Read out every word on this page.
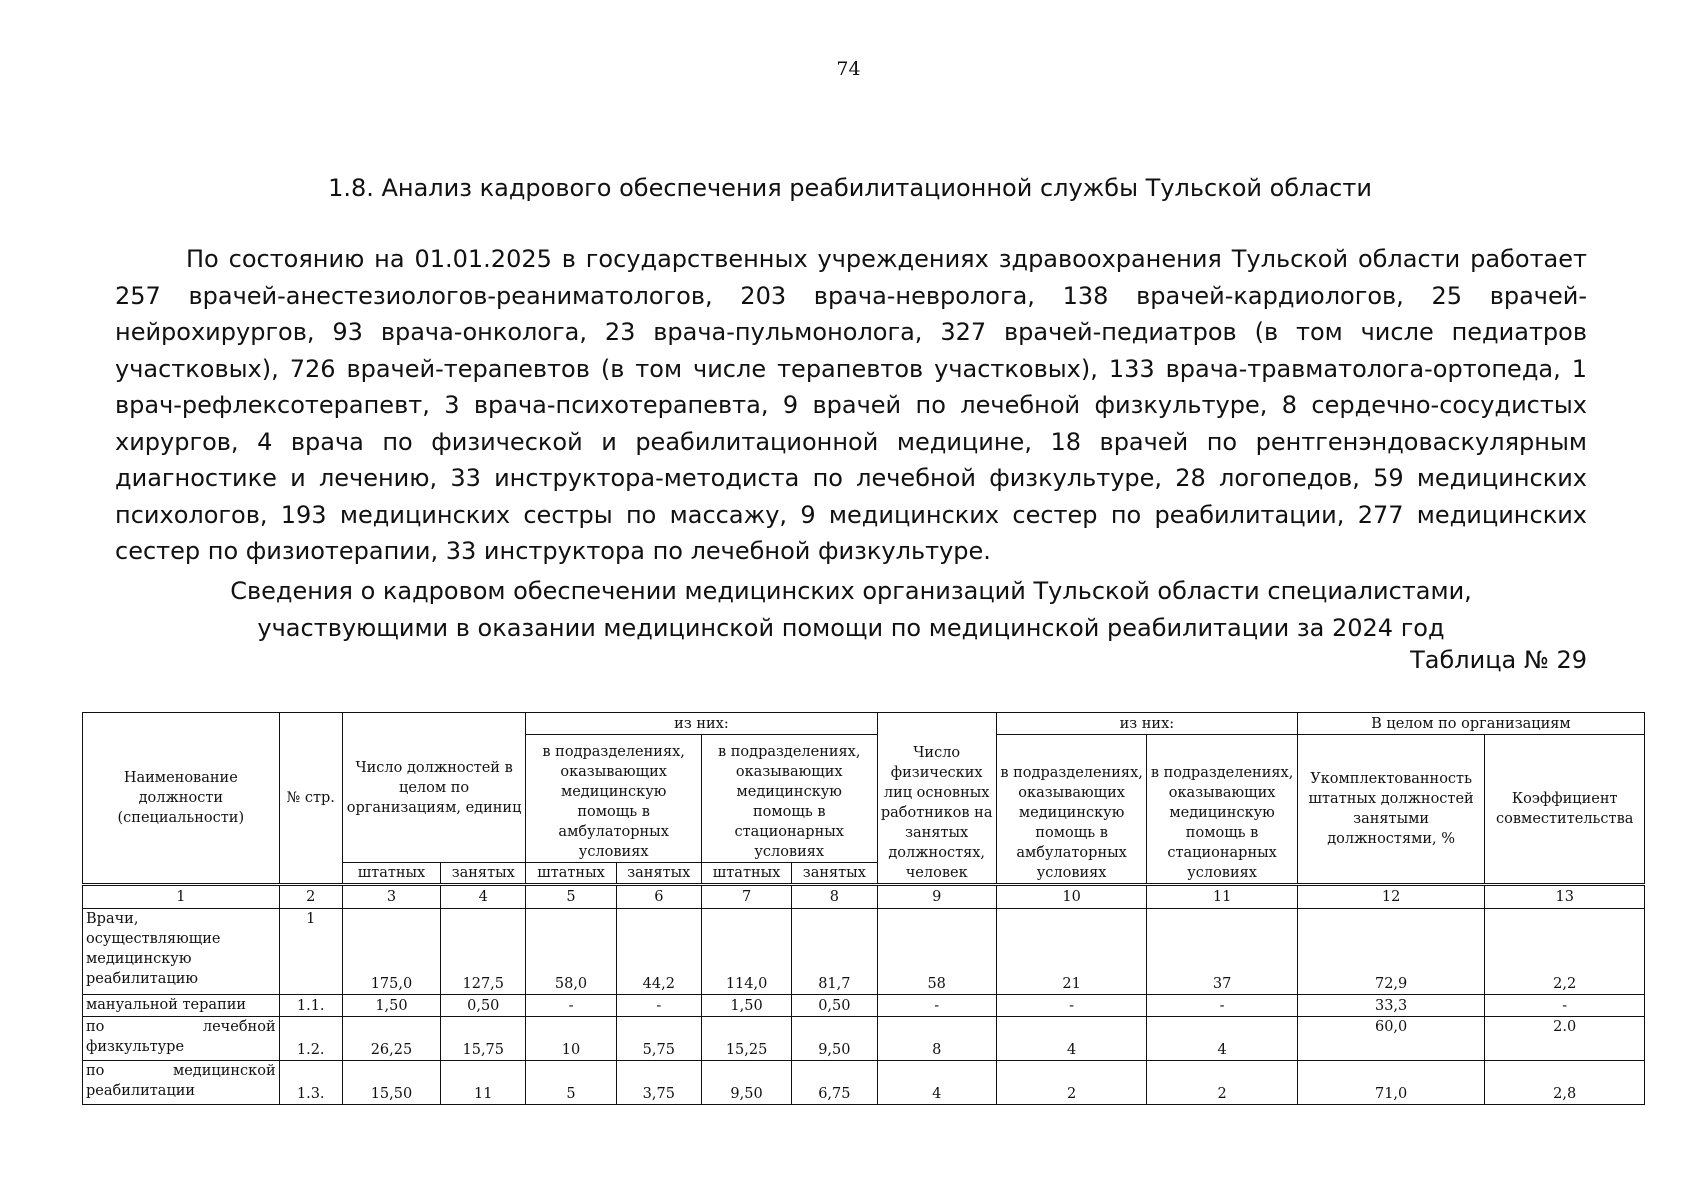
74
1.8. Анализ кадрового обеспечения реабилитационной службы Тульской области

По состоянию на 01.01.2025 в государственных учреждениях здравоохранения Тульской области работает 257 врачей-анестезиологов-реаниматологов, 203 врача-невролога, 138 врачей-кардиологов, 25 врачей-нейрохирургов, 93 врача-онколога, 23 врача-пульмонолога, 327 врачей-педиатров (в том числе педиатров участковых), 726 врачей-терапевтов (в том числе терапевтов участковых), 133 врача-травматолога-ортопеда, 1 врач-рефлексотерапевт, 3 врача-психотерапевта, 9 врачей по лечебной физкультуре, 8 сердечно-сосудистых хирургов, 4 врача по физической и реабилитационной медицине, 18 врачей по рентгенэндоваскулярным диагностике и лечению, 33 инструктора-методиста по лечебной физкультуре, 28 логопедов, 59 медицинских психологов, 193 медицинских сестры по массажу, 9 медицинских сестер по реабилитации, 277 медицинских сестер по физиотерапии, 33 инструктора по лечебной физкультуре.

Сведения о кадровом обеспечении медицинских организаций Тульской области специалистами,
участвующими в оказании медицинской помощи по медицинской реабилитации за 2024 год
Таблица № 29
Наименование должности (специальности)	№ стр.	Число должностей в целом по организациям, единиц		из них:				Число физических лиц основных работников на занятых должностях, человек	из них:		В целом по организациям	
				в подразделениях, оказывающих медицинскую помощь в амбулаторных условиях		в подразделениях, оказывающих медицинскую помощь в стационарных условиях			в подразделениях, оказывающих медицинскую помощь в амбулаторных условиях	в подразделениях, оказывающих медицинскую помощь в стационарных условиях	Укомплектованность штатных должностей занятыми должностями, %	Коэффициент совместительства
		штатных	занятых	штатных	занятых	штатных	занятых					
1	2	3	4	5	6	7	8	9	10	11	12	13
Врачи, осуществляющие медицинскую реабилитацию	1	175,0	127,5	58,0	44,2	114,0	81,7	58	21	37	72,9	2,2
мануальной терапии	1.1.	1,50	0,50	-	-	1,50	0,50	-	-	-	33,3	-
по лечебной физкультуре	1.2.	26,25	15,75	10	5,75	15,25	9,50	8	4	4	60,0	2.0
по медицинской реабилитации	1.3.	15,50	11	5	3,75	9,50	6,75	4	2	2	71,0	2,8
